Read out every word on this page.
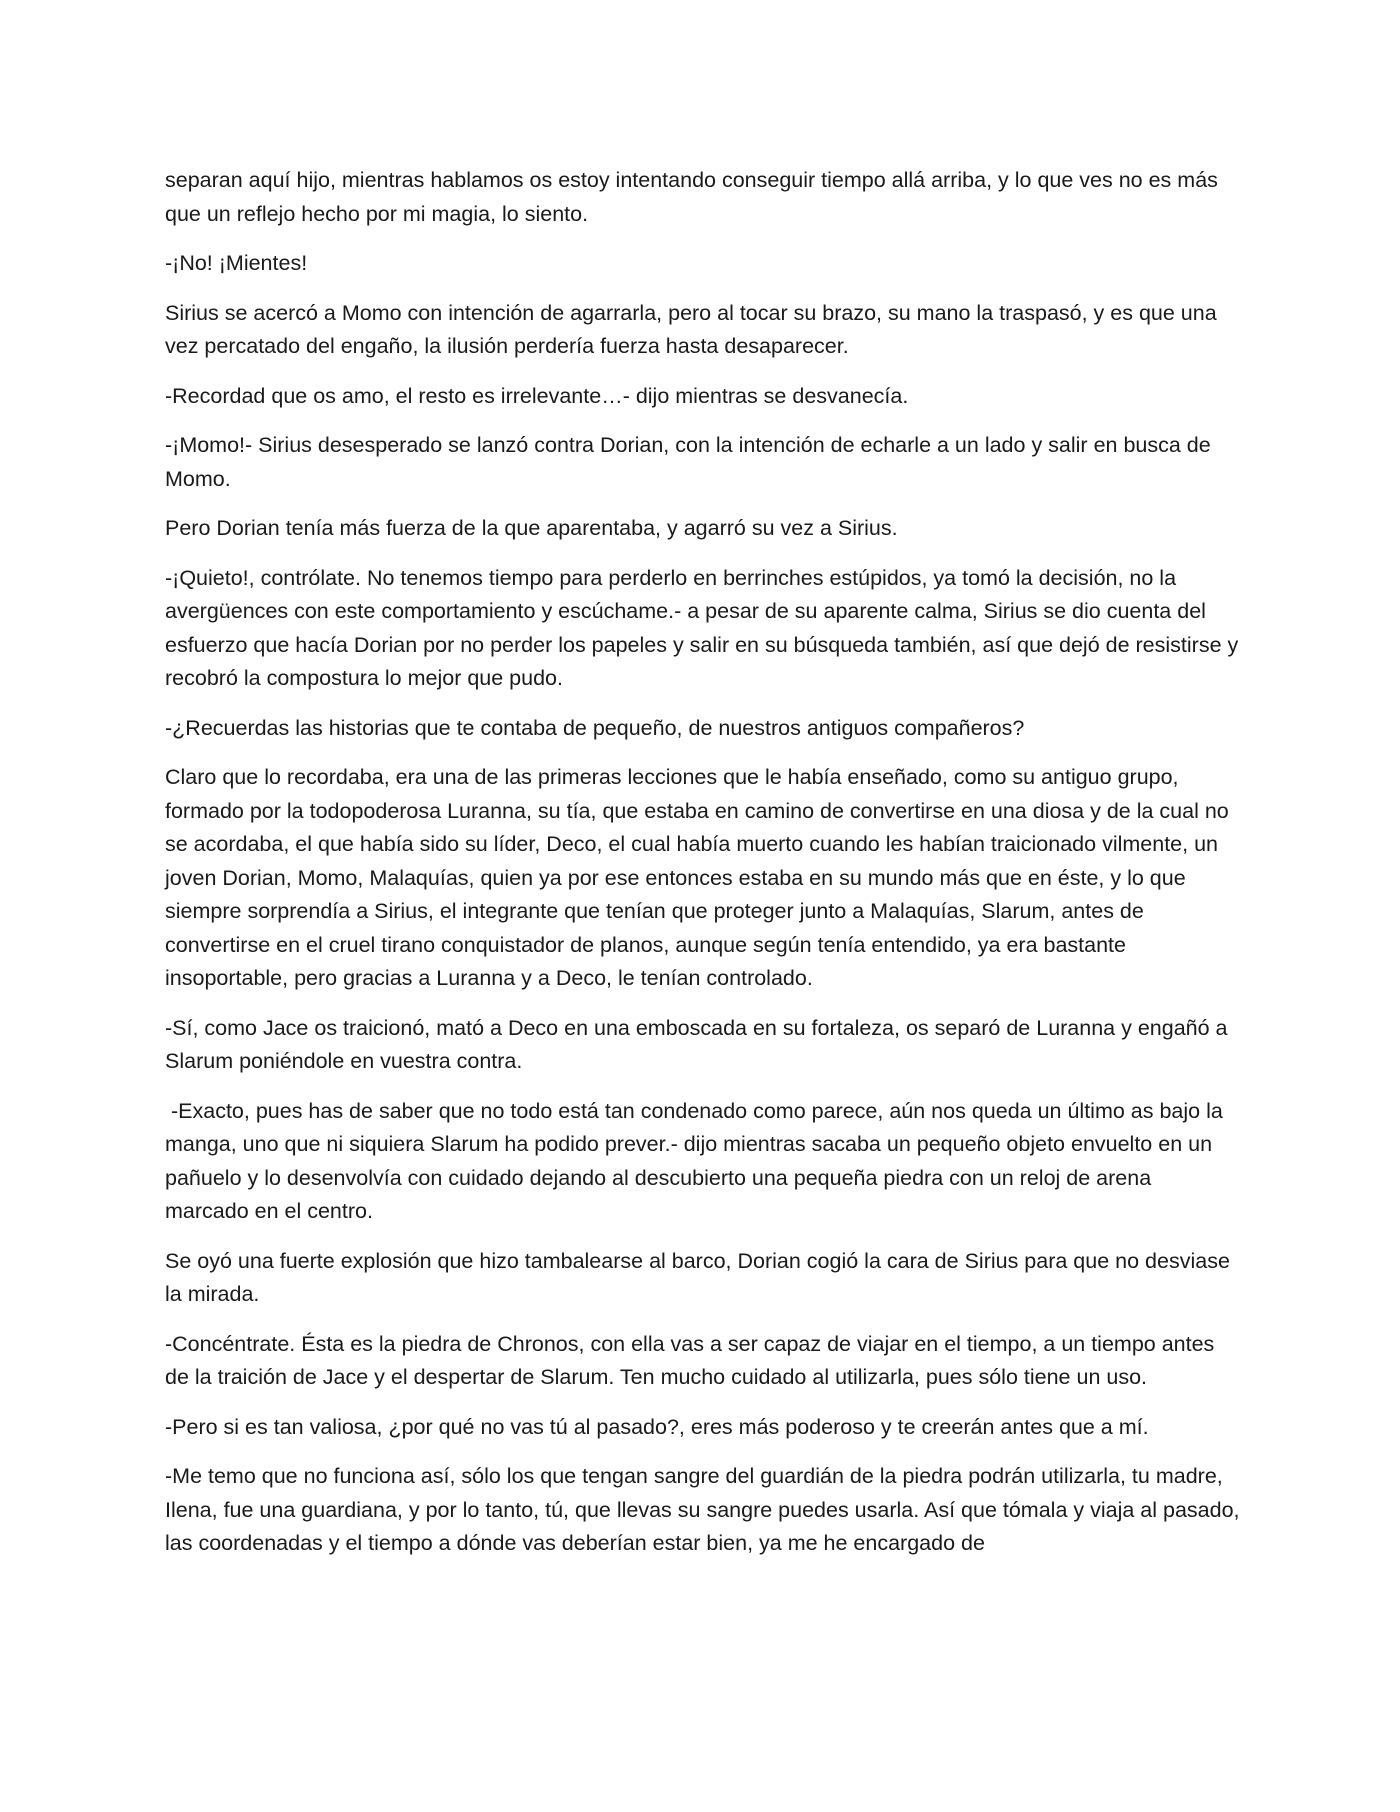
separan aquí hijo, mientras hablamos os estoy intentando conseguir tiempo allá arriba, y lo que ves no es más que un reflejo hecho por mi magia, lo siento.

-¡No! ¡Mientes!

Sirius se acercó a Momo con intención de agarrarla, pero al tocar su brazo, su mano la traspasó, y es que una vez percatado del engaño, la ilusión perdería fuerza hasta desaparecer.

-Recordad que os amo, el resto es irrelevante…- dijo mientras se desvanecía.

-¡Momo!- Sirius desesperado se lanzó contra Dorian, con la intención de echarle a un lado y salir en busca de Momo.

Pero Dorian tenía más fuerza de la que aparentaba, y agarró su vez a Sirius.

-¡Quieto!, contrólate. No tenemos tiempo para perderlo en berrinches estúpidos, ya tomó la decisión, no la avergüences con este comportamiento y escúchame.- a pesar de su aparente calma, Sirius se dio cuenta del esfuerzo que hacía Dorian por no perder los papeles y salir en su búsqueda también, así que dejó de resistirse y recobró la compostura lo mejor que pudo.

-¿Recuerdas las historias que te contaba de pequeño, de nuestros antiguos compañeros?

Claro que lo recordaba, era una de las primeras lecciones que le había enseñado, como su antiguo grupo, formado por la todopoderosa Luranna, su tía, que estaba en camino de convertirse en una diosa y de la cual no se acordaba, el que había sido su líder, Deco, el cual había muerto cuando les habían traicionado vilmente, un joven Dorian, Momo, Malaquías, quien ya por ese entonces estaba en su mundo más que en éste, y lo que siempre sorprendía a Sirius, el integrante que tenían que proteger junto a Malaquías, Slarum, antes de convertirse en el cruel tirano conquistador de planos, aunque según tenía entendido, ya era bastante insoportable, pero gracias a Luranna y a Deco, le tenían controlado.

-Sí, como Jace os traicionó, mató a Deco en una emboscada en su fortaleza, os separó de Luranna y engañó a Slarum poniéndole en vuestra contra.

-Exacto, pues has de saber que no todo está tan condenado como parece, aún nos queda un último as bajo la manga, uno que ni siquiera Slarum ha podido prever.- dijo mientras sacaba un pequeño objeto envuelto en un pañuelo y lo desenvolvía con cuidado dejando al descubierto una pequeña piedra con un reloj de arena marcado en el centro.

Se oyó una fuerte explosión que hizo tambalearse al barco, Dorian cogió la cara de Sirius para que no desviase la mirada.

-Concéntrate. Ésta es la piedra de Chronos, con ella vas a ser capaz de viajar en el tiempo, a un tiempo antes de la traición de Jace y el despertar de Slarum. Ten mucho cuidado al utilizarla, pues sólo tiene un uso.

-Pero si es tan valiosa, ¿por qué no vas tú al pasado?, eres más poderoso y te creerán antes que a mí.

-Me temo que no funciona así, sólo los que tengan sangre del guardián de la piedra podrán utilizarla, tu madre, Ilena, fue una guardiana, y por lo tanto, tú, que llevas su sangre puedes usarla. Así que tómala y viaja al pasado, las coordenadas y el tiempo a dónde vas deberían estar bien, ya me he encargado de
